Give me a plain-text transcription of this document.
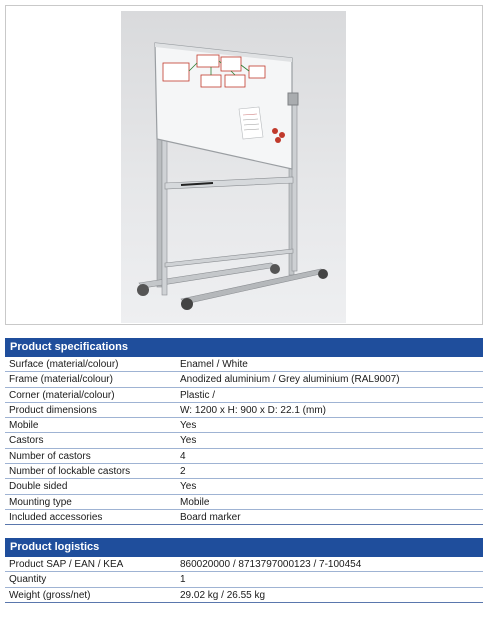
Product specifications
Surface (material/colour)	Enamel / White
Frame (material/colour)	Anodized aluminium / Grey aluminium (RAL9007)
Corner (material/colour)	Plastic /
Product dimensions	W: 1200 x H: 900 x D: 22.1 (mm)
Mobile	Yes
Castors	Yes
Number of castors	4
Number of lockable castors	2
Double sided	Yes
Mounting type	Mobile
Included accessories	Board marker
Product logistics
Product SAP / EAN / KEA	860020000 / 8713797000123 / 7-100454
Quantity	1
Weight (gross/net)	29.02 kg / 26.55 kg
